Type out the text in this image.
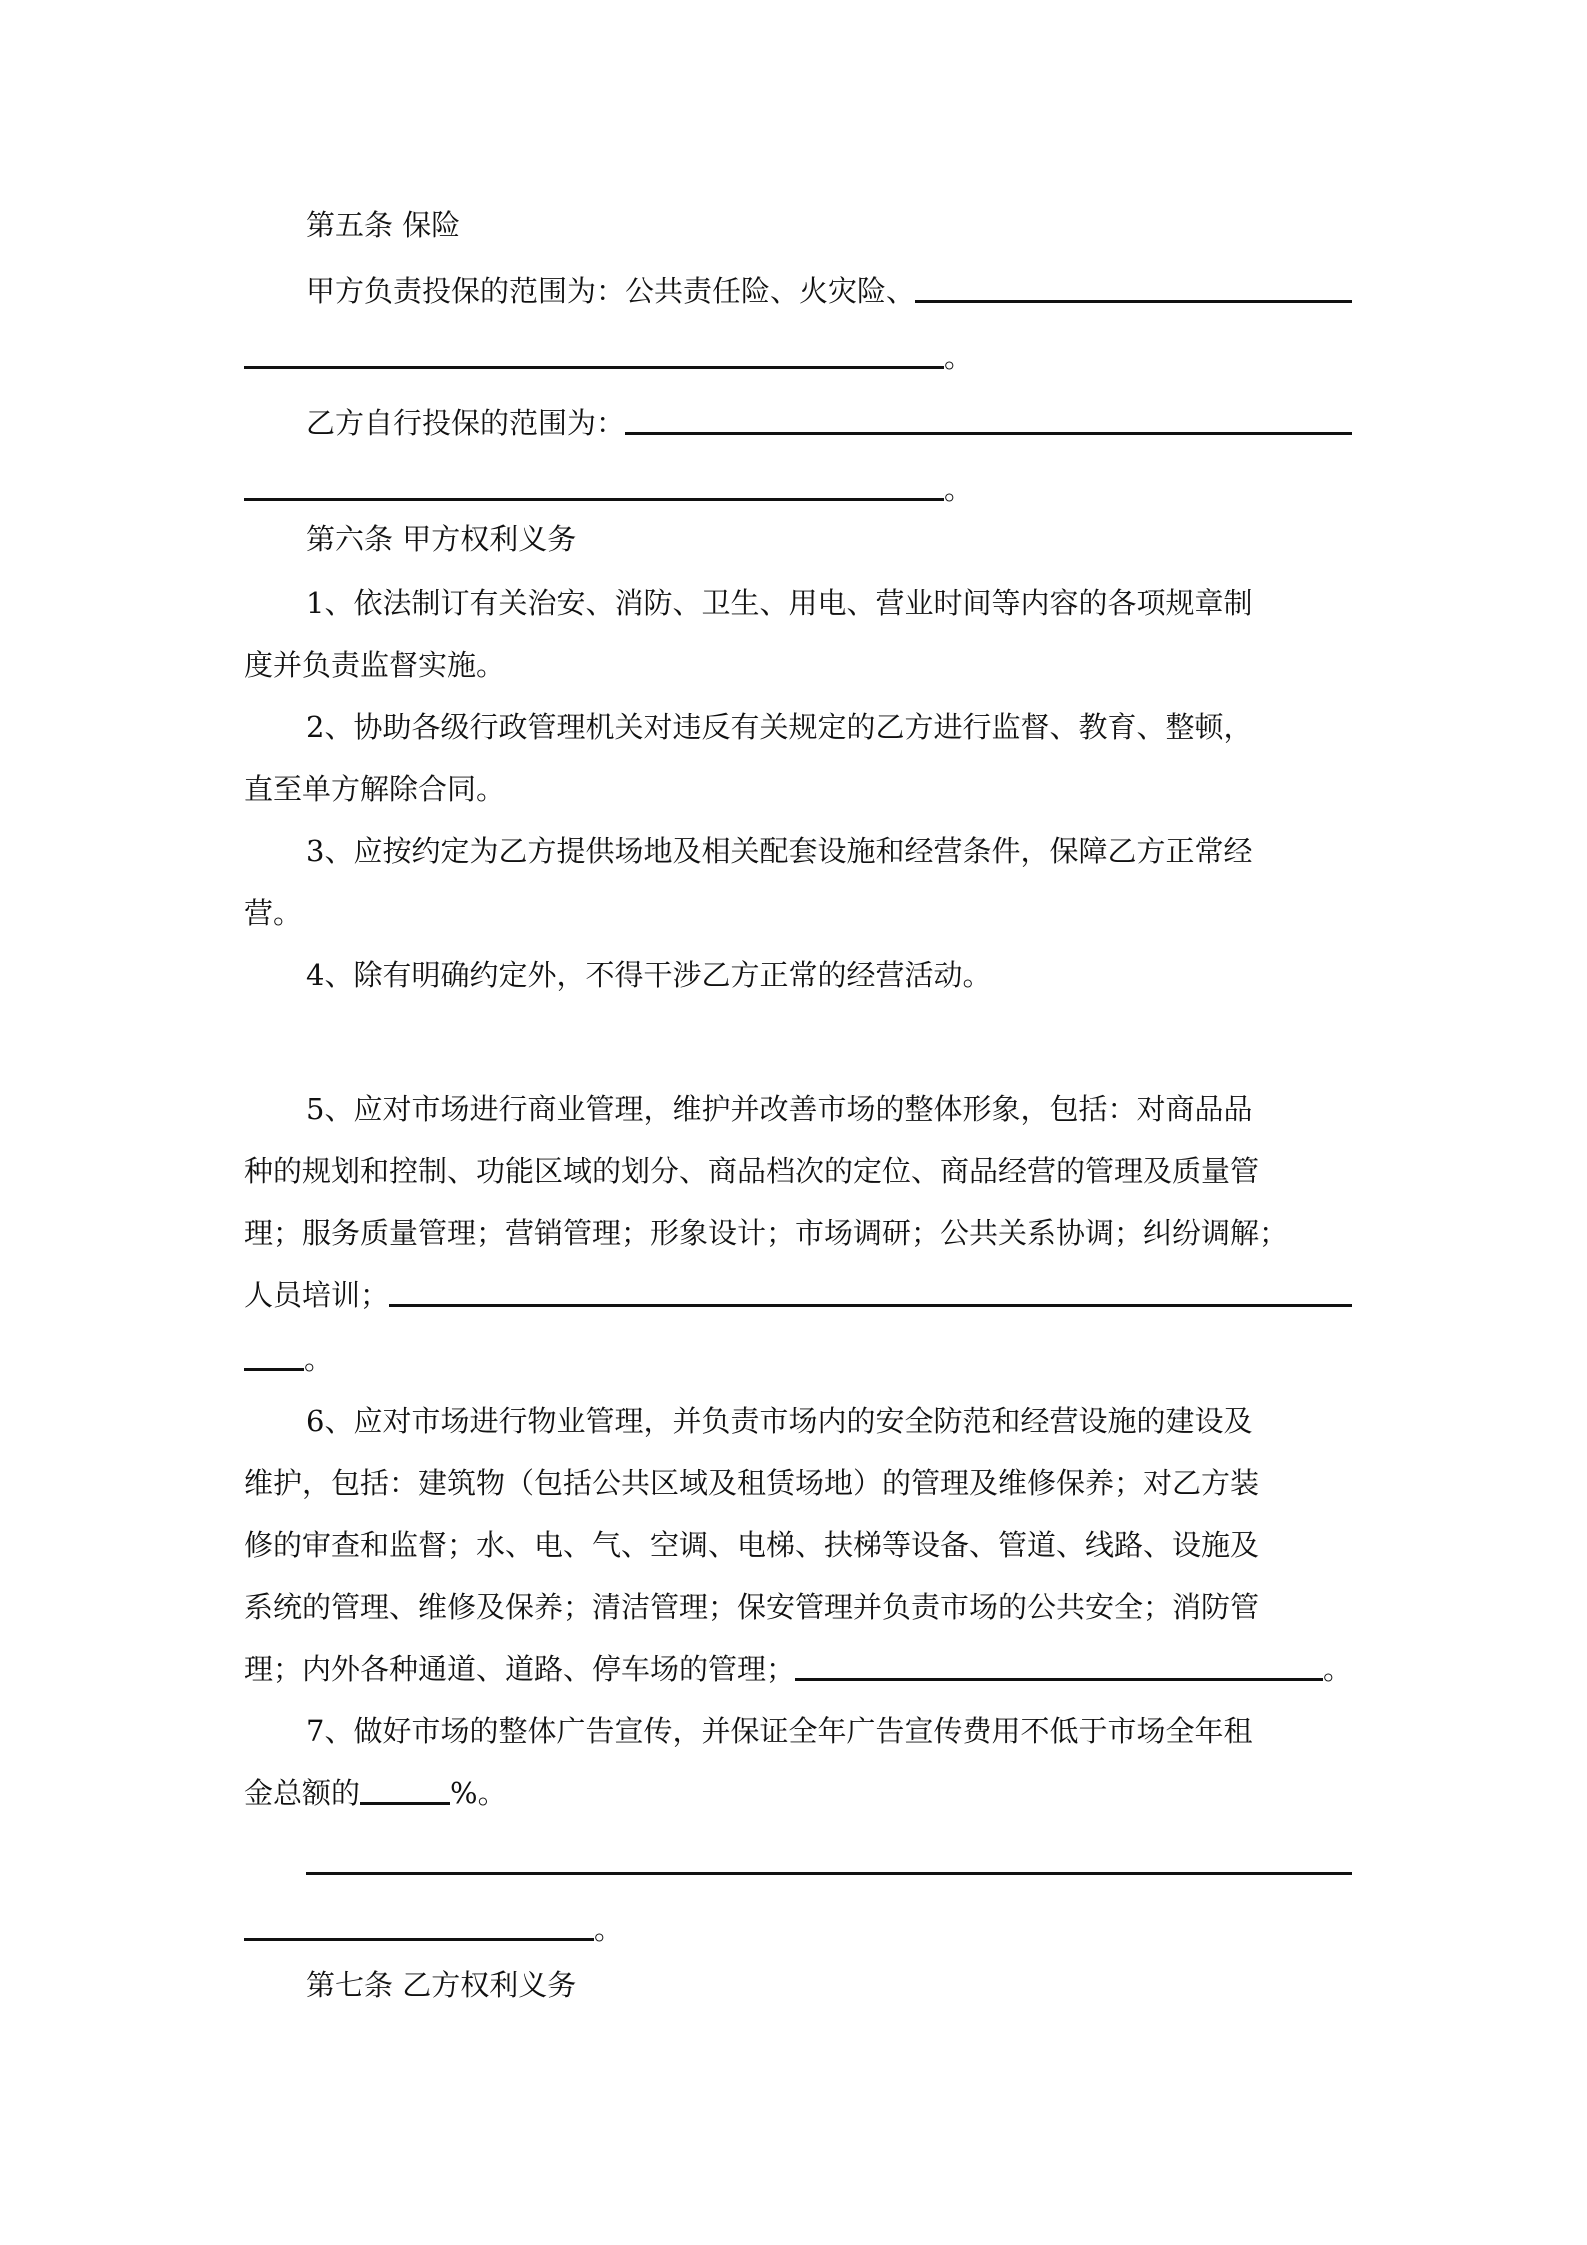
第五条 保险
甲方负责投保的范围为：公共责任险、火灾险、
。
乙方自行投保的范围为：
。
第六条 甲方权利义务
1、依法制订有关治安、消防、卫生、用电、营业时间等内容的各项规章制
度并负责监督实施。
2、协助各级行政管理机关对违反有关规定的乙方进行监督、教育、整顿，
直至单方解除合同。
3、应按约定为乙方提供场地及相关配套设施和经营条件，保障乙方正常经
营。
4、除有明确约定外，不得干涉乙方正常的经营活动。
5、应对市场进行商业管理，维护并改善市场的整体形象，包括：对商品品
种的规划和控制、功能区域的划分、商品档次的定位、商品经营的管理及质量管
理；服务质量管理；营销管理；形象设计；市场调研；公共关系协调；纠纷调解；
人员培训；
。
6、应对市场进行物业管理，并负责市场内的安全防范和经营设施的建设及
维护，包括：建筑物（包括公共区域及租赁场地）的管理及维修保养；对乙方装
修的审查和监督；水、电、气、空调、电梯、扶梯等设备、管道、线路、设施及
系统的管理、维修及保养；清洁管理；保安管理并负责市场的公共安全；消防管
理；内外各种通道、道路、停车场的管理；	。
7、做好市场的整体广告宣传，并保证全年广告宣传费用不低于市场全年租
金总额的	%。
。
第七条 乙方权利义务
